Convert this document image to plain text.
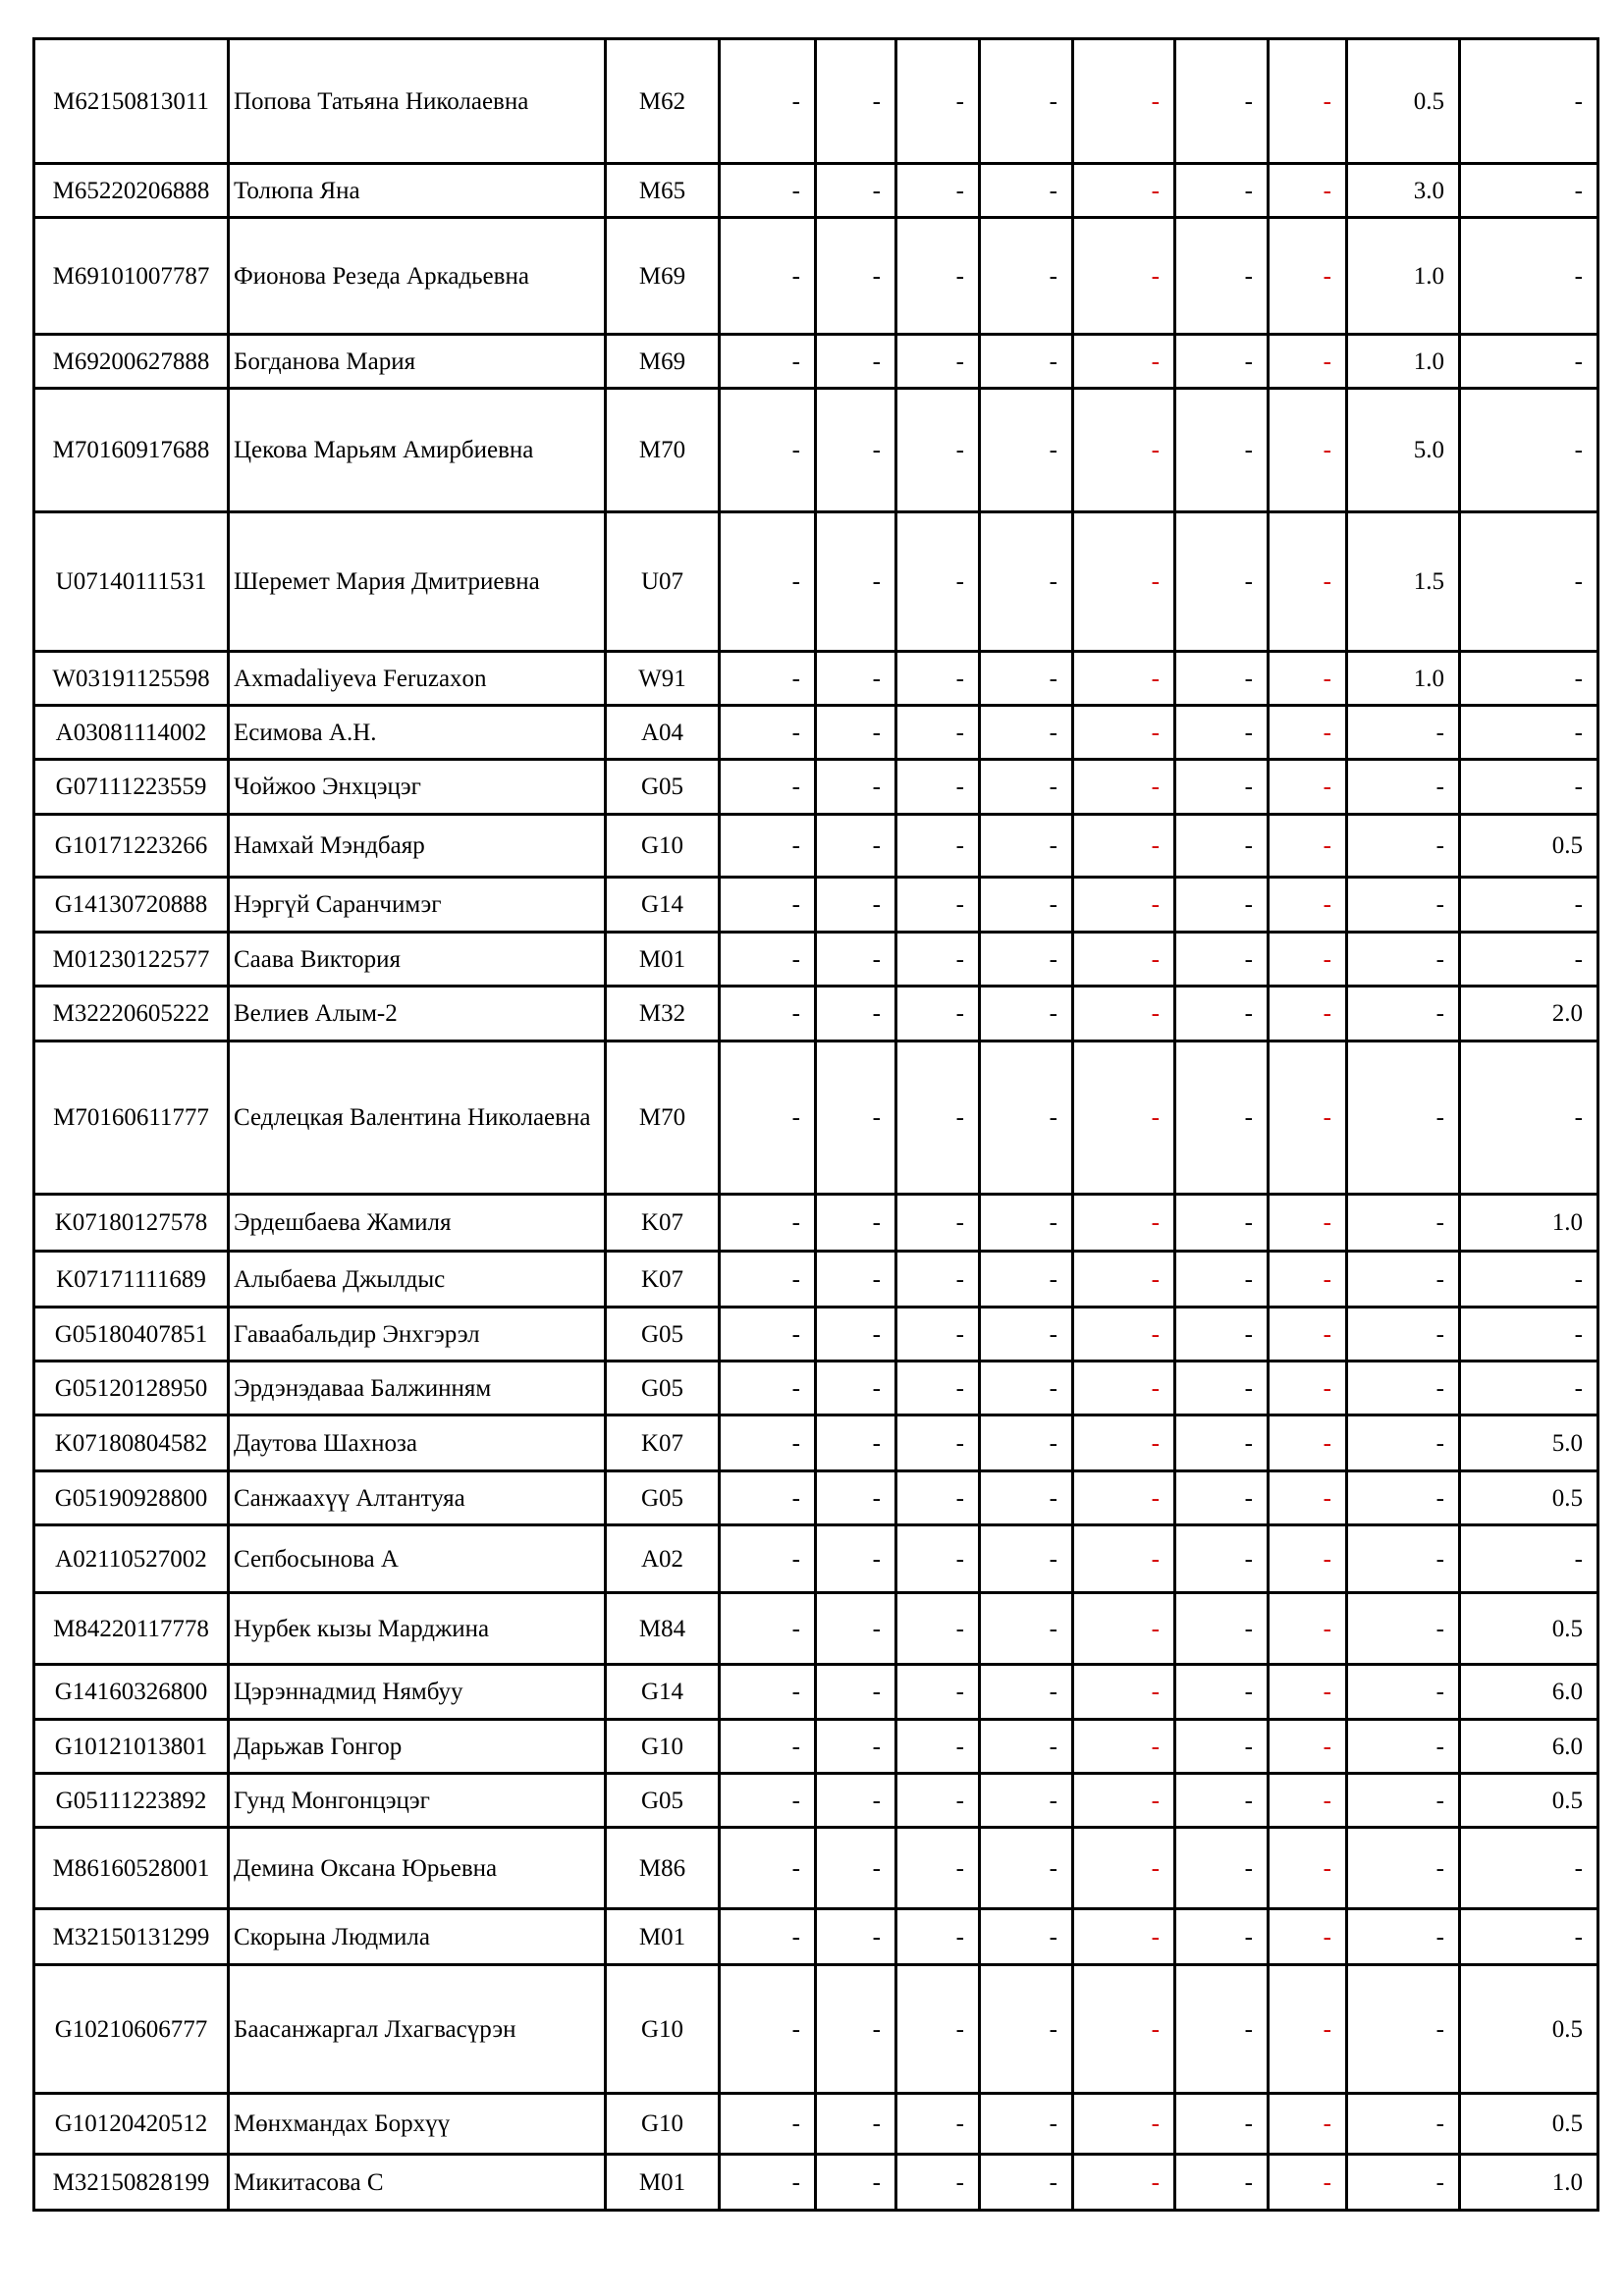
M62150813011	Попова Татьяна Николаевна	M62	-	-	-	-	-	-	-	0.5	-
M65220206888	Толюпа Яна	M65	-	-	-	-	-	-	-	3.0	-
M69101007787	Фионова Резеда Аркадьевна	M69	-	-	-	-	-	-	-	1.0	-
M69200627888	Богданова Мария	M69	-	-	-	-	-	-	-	1.0	-
M70160917688	Цекова Марьям Амирбиевна	M70	-	-	-	-	-	-	-	5.0	-
U07140111531	Шеремет Мария Дмитриевна	U07	-	-	-	-	-	-	-	1.5	-
W03191125598	Axmadaliyeva Feruzaxon	W91	-	-	-	-	-	-	-	1.0	-
A03081114002	Есимова А.Н.	A04	-	-	-	-	-	-	-	-	-
G07111223559	Чойжоо Энхцэцэг	G05	-	-	-	-	-	-	-	-	-
G10171223266	Намхай Мэндбаяр	G10	-	-	-	-	-	-	-	-	0.5
G14130720888	Нэргүй Саранчимэг	G14	-	-	-	-	-	-	-	-	-
M01230122577	Саава Виктория	M01	-	-	-	-	-	-	-	-	-
M32220605222	Велиев Алым-2	M32	-	-	-	-	-	-	-	-	2.0
M70160611777	Седлецкая Валентина Николаевна	M70	-	-	-	-	-	-	-	-	-
K07180127578	Эрдешбаева Жамиля	K07	-	-	-	-	-	-	-	-	1.0
K07171111689	Алыбаева Джылдыс	K07	-	-	-	-	-	-	-	-	-
G05180407851	Гаваабальдир Энхгэрэл	G05	-	-	-	-	-	-	-	-	-
G05120128950	Эрдэнэдаваа Балжинням	G05	-	-	-	-	-	-	-	-	-
K07180804582	Даутова Шахноза	K07	-	-	-	-	-	-	-	-	5.0
G05190928800	Санжаахүү Алтантуяа	G05	-	-	-	-	-	-	-	-	0.5
A02110527002	Сепбосынова А	A02	-	-	-	-	-	-	-	-	-
M84220117778	Нурбек кызы Марджина	M84	-	-	-	-	-	-	-	-	0.5
G14160326800	Цэрэннадмид Нямбуу	G14	-	-	-	-	-	-	-	-	6.0
G10121013801	Дарьжав Гонгор	G10	-	-	-	-	-	-	-	-	6.0
G05111223892	Гунд Монгонцэцэг	G05	-	-	-	-	-	-	-	-	0.5
M86160528001	Демина Оксана Юрьевна	M86	-	-	-	-	-	-	-	-	-
M32150131299	Скорына Людмила	M01	-	-	-	-	-	-	-	-	-
G10210606777	Баасанжаргал Лхагвасүрэн	G10	-	-	-	-	-	-	-	-	0.5
G10120420512	Мөнхмандах Борхүү	G10	-	-	-	-	-	-	-	-	0.5
M32150828199	Микитасова С	M01	-	-	-	-	-	-	-	-	1.0
